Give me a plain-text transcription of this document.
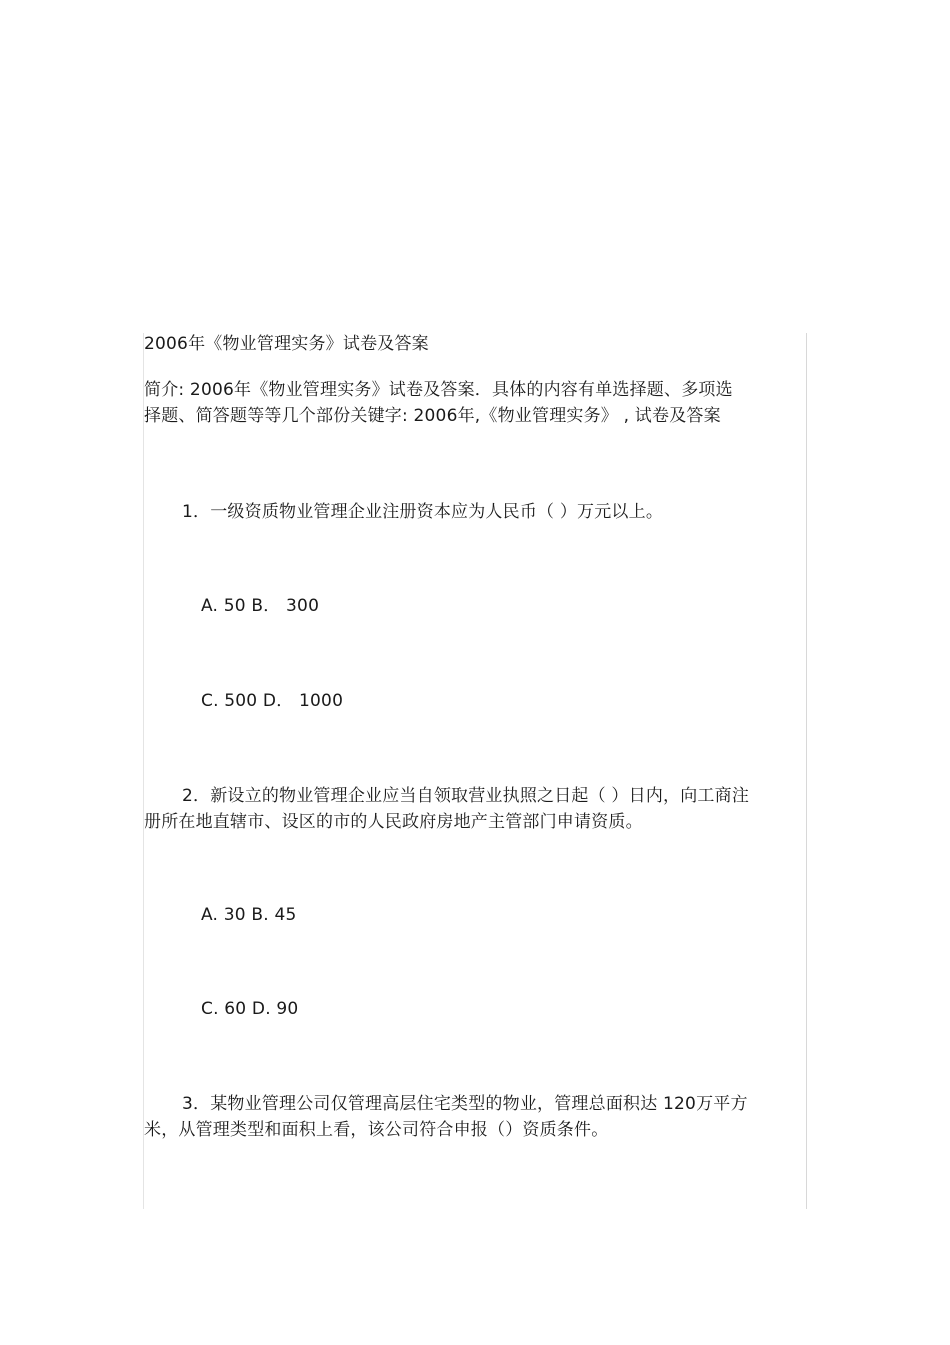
2006年《物业管理实务》试卷及答案
简介: 2006年《物业管理实务》试卷及答案．具体的内容有单选择题、多项选
择题、简答题等等几个部份关键字: 2006年,《物业管理实务》 , 试卷及答案
1．一级资质物业管理企业注册资本应为人民币（ ）万元以上。
A. 50 B． 300
C. 500 D． 1000
2．新设立的物业管理企业应当自领取营业执照之日起（ ）日内，向工商注
册所在地直辖市、设区的市的人民政府房地产主管部门申请资质。
A. 30 B. 45
C. 60 D. 90
3．某物业管理公司仅管理高层住宅类型的物业，管理总面积达 120万平方
米，从管理类型和面积上看，该公司符合申报（）资质条件。
